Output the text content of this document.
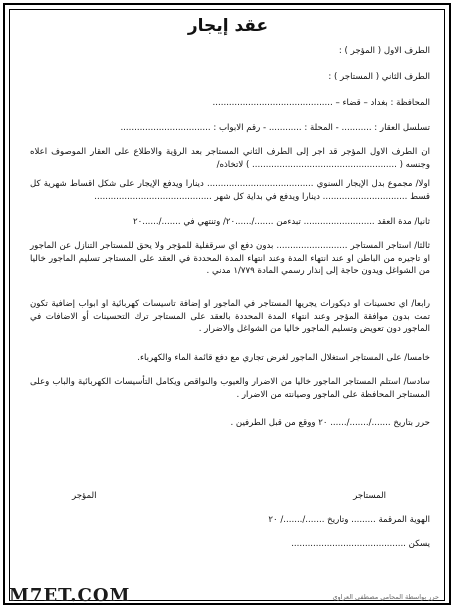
عقد إيجار
الطرف الاول ( المؤجر ) :
الطرف الثاني ( المستاجر ) :
المحافظة : بغداد – قضاء – ............................................
تسلسل العقار : ........... - المحلة : ............ - رقم الابواب : .................................
ان الطرف الاول المؤجر قد اجر إلى الطرف الثاني المستاجر بعد الرؤية والاطلاع على العقار الموصوف اعلاه وجنسه ( ..................................................... ) لاتخاذه/
اولا/ مجموع بدل الإيجار السنوي ....................................... دينارا ويدفع الإيجار على شكل اقساط شهرية كل قسط ............................... دينارا ويدفع في بداية كل شهر ...........................................
ثانيا/ مدة العقد .......................... تبدءمن ......./......٢٠/ وتنتهي في ......./......٢٠
ثالثا/ استاجر المستاجر .......................... بدون دفع اي سرقفلية للمؤجر ولا يحق للمستاجر التنازل عن الماجور او تاجيره من الباطن او عند انتهاء المدة وعند انتهاء المدة المحددة في العقد على المستاجر تسليم الماجور خاليا من الشواغل ويدون حاجة إلى إنذار رسمي المادة ١/٧٧٩ مدني .
رابعا/ اي تحسينات او ديكورات يجريها المستاجر في الماجور او إضافة تاسيسات كهربائية او ابواب إضافية تكون تمت بدون موافقة المؤجر وعند انتهاء المدة المحددة بالعقد على المستاجر ترك التحسينات أو الاضافات في الماجور دون تعويض وتسليم الماجور خاليا من الشواغل والاضرار .
خامسا/ على المستاجر استغلال الماجور لغرض تجاري مع دفع قائمة الماء والكهرباء.
سادسا/ استلم المستاجر الماجور خاليا من الاضرار والعيوب والنواقص ويكامل التأسيسات الكهربائية والباب وعلى المستاجر المحافظة على الماجور وصيانته من الاضرار .
حرر بتاريخ ......./......./...... ٢٠ ووقع من قبل الطرفين .
المستاجر
المؤجر
الهوية المرقمة ......... وتاريخ ......./......./ ٢٠
يسكن ..........................................
M7ET.COM	حرر بواسطة المحامي مصطفى العراوي
